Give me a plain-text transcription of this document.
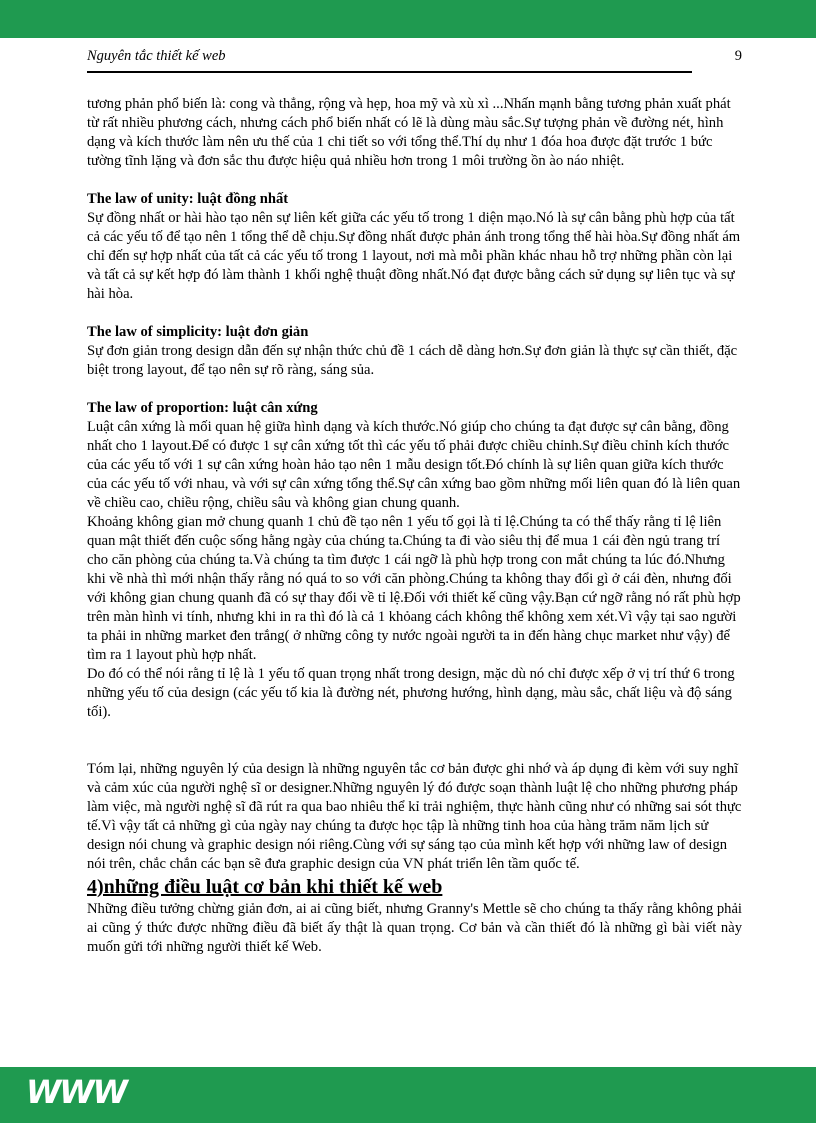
Nguyên tắc thiết kế web	9

tương phản phổ biến là: cong và thẳng, rộng và hẹp, hoa mỹ và xù xì ...Nhấn mạnh bằng tương phản xuất phát từ rất nhiều phương cách, nhưng cách phổ biến nhất có lẽ là dùng màu sắc.Sự tượng phản về đường nét, hình dạng và kích thước làm nên ưu thế của 1 chi tiết so với tổng thể.Thí dụ như 1 đóa hoa được đặt trước 1 bức tường tĩnh lặng và đơn sắc thu được hiệu quả nhiều hơn trong 1 môi trường ồn ào náo nhiệt.

The law of unity: luật đồng nhất

Sự đồng nhất or hài hào tạo nên sự liên kết giữa các yếu tố trong 1 diện mạo.Nó là sự cân bằng phù hợp của tất cả các yếu tố để tạo nên 1 tổng thể dễ chịu.Sự đồng nhất được phản ánh trong tổng thể hài hòa.Sự đồng nhất ám chỉ đến sự hợp nhất của tất cả các yếu tố trong 1 layout, nơi mà mỗi phần khác nhau hỗ trợ những phần còn lại và tất cả sự kết hợp đó làm thành 1 khối nghệ thuật đồng nhất.Nó đạt được bằng cách sử dụng sự liên tục và sự hài hòa.

The law of simplicity: luật đơn giản

Sự đơn giản trong design dẫn đến sự nhận thức chủ đề 1 cách dễ dàng hơn.Sự đơn giản là thực sự cần thiết, đặc biệt trong layout, để tạo nên sự rõ ràng, sáng sủa.

The law of proportion: luật cân xứng

Luật cân xứng là mối quan hệ giữa hình dạng và kích thước.Nó giúp cho chúng ta đạt được sự cân bằng, đồng nhất cho 1 layout.Để có được 1 sự cân xứng tốt thì các yếu tố phải được chiều chỉnh.Sự điều chỉnh kích thước của các yếu tố với 1 sự cân xứng hoàn hảo tạo nên 1 mẫu design tốt.Đó chính là sự liên quan giữa kích thước của các yếu tố với nhau, và với sự cân xứng tổng thể.Sự cân xứng bao gồm những mối liên quan đó là liên quan về chiều cao, chiều rộng, chiều sâu và không gian chung quanh.

Khoảng không gian mở chung quanh 1 chủ đề tạo nên 1 yếu tố gọi là tỉ lệ.Chúng ta có thể thấy rằng tỉ lệ liên quan mật thiết đến cuộc sống hằng ngày của chúng ta.Chúng ta đi vào siêu thị để mua 1 cái đèn ngủ trang trí cho căn phòng của chúng ta.Và chúng ta tìm được 1 cái ngỡ là phù hợp trong con mắt chúng ta lúc đó.Nhưng khi về nhà thì mới nhận thấy rằng nó quá to so với căn phòng.Chúng ta không thay đổi gì ở cái đèn, nhưng đối với không gian chung quanh đã có sự thay đổi về tỉ lệ.Đối với thiết kế cũng vậy.Bạn cứ ngỡ rằng nó rất phù hợp trên màn hình vi tính, nhưng khi in ra thì đó là cả 1 khỏang cách không thể không xem xét.Vì vậy tại sao người ta phải in những market đen trắng( ở những công ty nước ngoài người ta in đến hàng chục market như vậy) để tìm ra 1 layout phù hợp nhất.

Do đó có thể nói rằng tỉ lệ là 1 yếu tố quan trọng nhất trong design, mặc dù nó chỉ được xếp ở vị trí thứ 6 trong những yếu tố của design (các yếu tố kia là đường nét, phương hướng, hình dạng, màu sắc, chất liệu và độ sáng tối).

Tóm lại, những nguyên lý của design là những nguyên tắc cơ bản được ghi nhớ và áp dụng đi kèm với suy nghĩ và cảm xúc của người nghệ sĩ or designer.Những nguyên lý đó được soạn thành luật lệ cho những phương pháp làm việc, mà người nghệ sĩ đã rút ra qua bao nhiêu thể kỉ trải nghiệm, thực hành cũng như có những sai sót thực tế.Vì vậy tất cả những gì của ngày nay chúng ta được học tập là những tinh hoa của hàng trăm năm lịch sử design nói chung và graphic design nói riêng.Cùng với sự sáng tạo của mình kết hợp với những law of design nói trên, chắc chắn các bạn sẽ đưa graphic design của VN phát triển lên tầm quốc tế.

4)những điều luật cơ bản khi thiết kế web

Những điều tưởng chừng giản đơn, ai ai cũng biết, nhưng Granny's Mettle sẽ cho chúng ta thấy rằng không phải ai cũng ý thức được những điều đã biết ấy thật là quan trọng. Cơ bản và cần thiết đó là những gì bài viết này muốn gửi tới những người thiết kế Web.

WWW
